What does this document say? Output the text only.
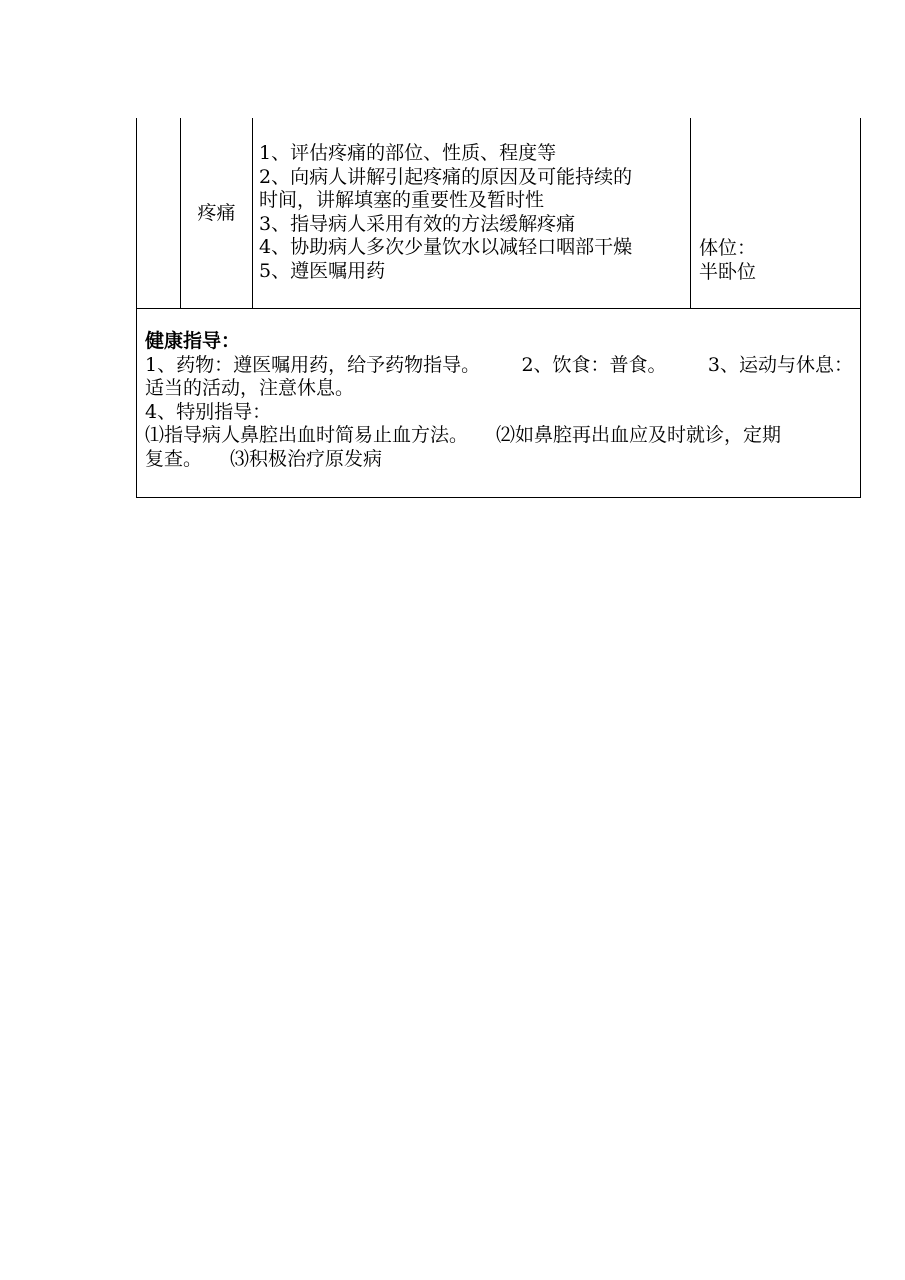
疼痛
1、评估疼痛的部位、性质、程度等
2、向病人讲解引起疼痛的原因及可能持续的
时间，讲解填塞的重要性及暂时性
3、指导病人采用有效的方法缓解疼痛
4、协助病人多次少量饮水以减轻口咽部干燥
5、遵医嘱用药
体位：
半卧位
健康指导：
1、药物：遵医嘱用药，给予药物指导。 2、饮食：普食。 3、运动与休息：
适当的活动，注意休息。
4、特别指导：
⑴指导病人鼻腔出血时简易止血方法。 ⑵如鼻腔再出血应及时就诊，定期
复查。 ⑶积极治疗原发病
